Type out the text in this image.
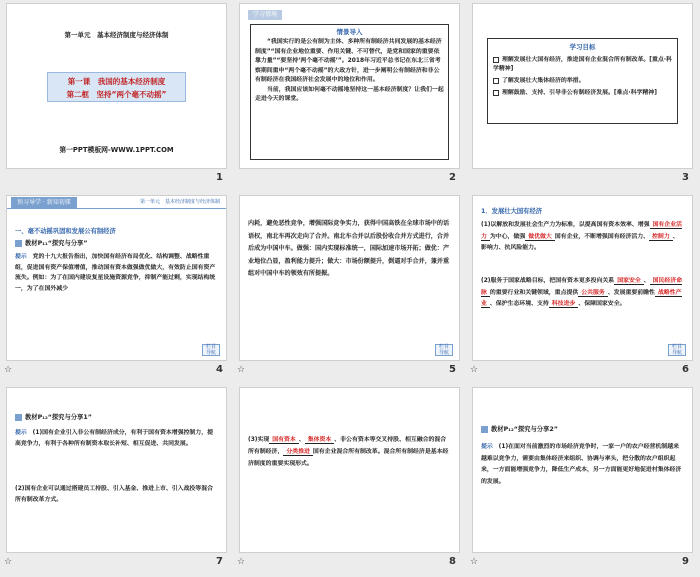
第一单元　基本经济制度与经济体制
第一课　我国的基本经济制度
第二框　坚持“两个毫不动摇”
第一PPT模板网-WWW.1PPT.COM
1
学习情境
情景导入
“我国实行的是公有制为主体、多种所有制经济共同发展的基本经济制度”“国有企业地位重要、作用关键、不可替代，是党和国家的重要依靠力量”“要坚持‘两个毫不动摇’”。2018年习近平总书记在东北三省考察期间重申“两个毫不动摇”的大政方针，进一步阐明公有制经济和非公有制经济在我国经济社会发展中的地位和作用。
当前，我国应该如何毫不动摇地坚持这一基本经济制度？让我们一起走进今天的课堂。
2
学习目标
理解发展壮大国有经济，推进国有企业混合所有制改革。[重点·科学精神]
了解发展壮大集体经济的举措。
理解鼓励、支持、引导非公有制经济发展。[难点·科学精神]
3
预习导学 · 新知初探	第一单元　基本经济制度与经济体制
一、毫不动摇巩固和发展公有制经济
教材P₁₁“探究与分享”
提示　 党的十九大报告指出，加快国有经济布局优化、结构调整、战略性重组，促进国有资产保值增值，推动国有资本做强做优做大，有效防止国有资产流失。例如：为了在国内建设复星设施资源竞争，抑制产能过剩，实现结构统一，为了在国外减少
栏目
导航
☆	4
内耗，避免恶性竞争，增强国际竞争实力，获得中国高铁在全球市场中的话语权，南北车再次走向了合并。南北车合并以后股份收合并方式进行，合并后成为中国中车。做强：国内实现标准统一，国际加速市场开拓；做优：产业地位凸显，盈利能力提升；做大：市场份额提升，倒逼对手合并，兼并重组对中国中车的领效有所提振。
栏目
导航
☆	5
1．发展壮大国有经济
(1)以解放和发展社会生产力为标准，以提高国有资本效率、增强 国有企业活力 为中心，做强 做优做大 国有企业，不断增强国有经济活力、 控制力 、影响力、抗风险能力。
(2)服务于国家战略目标，把国有资本更多投向关系 国家安全 、 国民经济命脉 的重要行业和关键领域，重点提供 公共服务 、发展重要前瞻性 战略性产业 、保护生态环境、支持 科技进步 、保障国家安全。
栏目
导航
☆	6
教材P₁₂“探究与分享1”
提示　 (1)国有企业引入非公有制经济成分，有利于国有资本增强控制力，提高竞争力，有利于各种所有制资本取长补短、相互促进、共同发展。
(2)国有企业可以通过搭建员工持股、引入基金、推进上市、引入战投等混合所有制改革方式。
☆	7
(3)实现 国有资本 、 集体资本 、非公有资本等交叉持股、相互融合的混合所有制经济， 分类推进 国有企业混合所有制改革。混合所有制经济是基本经济制度的重要实现形式。
☆	8
教材P₁₂“探究与分享2”
提示　 (1)在面对当前激烈的市场经济竞争时，一家一户的农户经营机制越来越难以竞争力，需要由集体经济来组织、协调与率头，把分散的农户组织起来，一方面能增强竞争力，降低生产成本，另一方面能更好地促进村集体经济的发展。
☆	9
